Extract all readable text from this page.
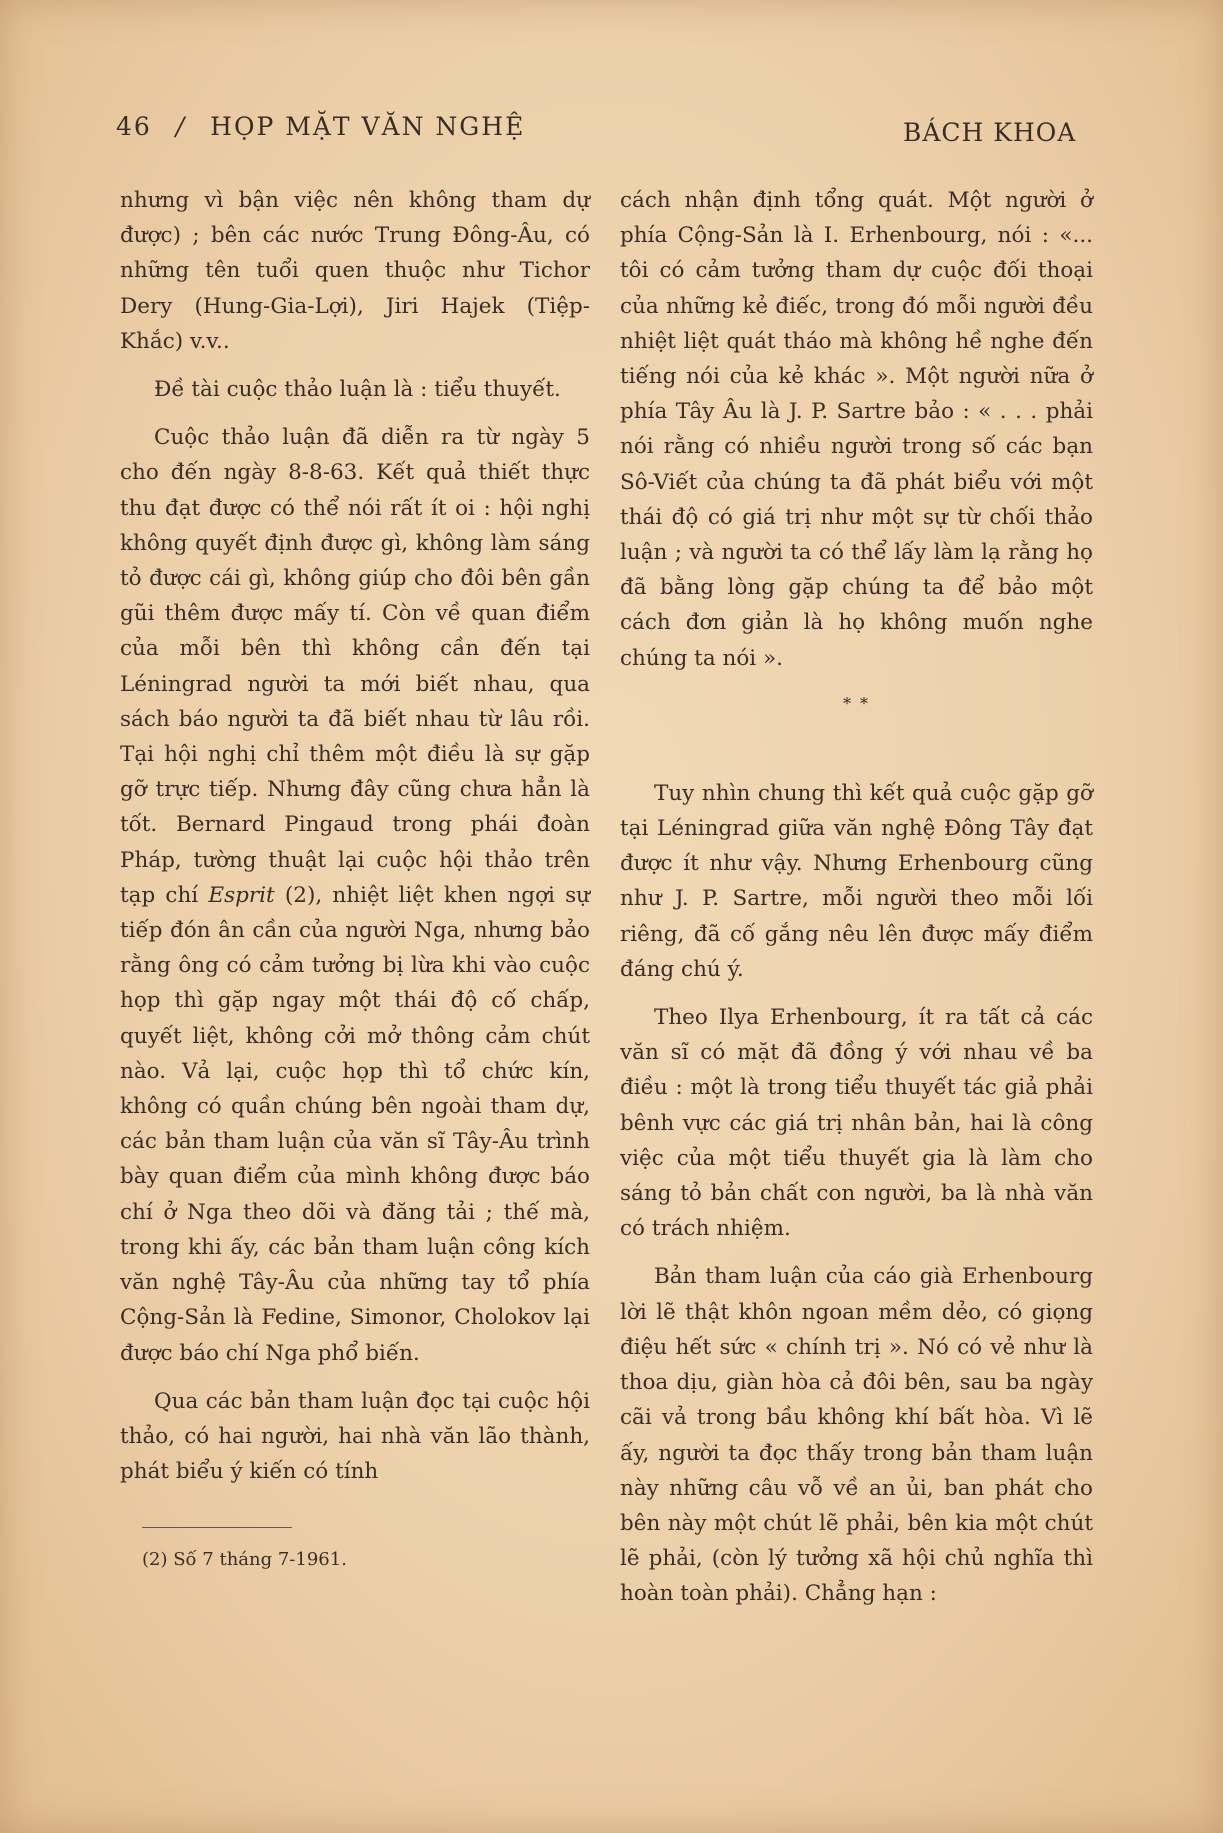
46 / HỌP MẶT VĂN NGHỆ	BÁCH KHOA

nhưng vì bận việc nên không tham dự được) ; bên các nước Trung Đông-Âu, có những tên tuổi quen thuộc như Tichor Dery (Hung-Gia-Lợi), Jiri Hajek (Tiệp-Khắc) v.v..

Đề tài cuộc thảo luận là : tiểu thuyết.

Cuộc thảo luận đã diễn ra từ ngày 5 cho đến ngày 8-8-63. Kết quả thiết thực thu đạt được có thể nói rất ít oi : hội nghị không quyết định được gì, không làm sáng tỏ được cái gì, không giúp cho đôi bên gần gũi thêm được mấy tí. Còn về quan điểm của mỗi bên thì không cần đến tại Léningrad người ta mới biết nhau, qua sách báo người ta đã biết nhau từ lâu rồi. Tại hội nghị chỉ thêm một điều là sự gặp gỡ trực tiếp. Nhưng đây cũng chưa hẳn là tốt. Bernard Pingaud trong phái đoàn Pháp, tường thuật lại cuộc hội thảo trên tạp chí Esprit (2), nhiệt liệt khen ngợi sự tiếp đón ân cần của người Nga, nhưng bảo rằng ông có cảm tưởng bị lừa khi vào cuộc họp thì gặp ngay một thái độ cố chấp, quyết liệt, không cởi mở thông cảm chút nào. Vả lại, cuộc họp thì tổ chức kín, không có quần chúng bên ngoài tham dự, các bản tham luận của văn sĩ Tây-Âu trình bày quan điểm của mình không được báo chí ở Nga theo dõi và đăng tải ; thế mà, trong khi ấy, các bản tham luận công kích văn nghệ Tây-Âu của những tay tổ phía Cộng-Sản là Fedine, Simonor, Cholokov lại được báo chí Nga phổ biến.

Qua các bản tham luận đọc tại cuộc hội thảo, có hai người, hai nhà văn lão thành, phát biểu ý kiến có tính

(2) Số 7 tháng 7-1961.

cách nhận định tổng quát. Một người ở phía Cộng-Sản là I. Erhenbourg, nói : «... tôi có cảm tưởng tham dự cuộc đối thoại của những kẻ điếc, trong đó mỗi người đều nhiệt liệt quát tháo mà không hề nghe đến tiếng nói của kẻ khác ». Một người nữa ở phía Tây Âu là J. P. Sartre bảo : « . . . phải nói rằng có nhiều người trong số các bạn Sô-Viết của chúng ta đã phát biểu với một thái độ có giá trị như một sự từ chối thảo luận ; và người ta có thể lấy làm lạ rằng họ đã bằng lòng gặp chúng ta để bảo một cách đơn giản là họ không muốn nghe chúng ta nói ».

* *

Tuy nhìn chung thì kết quả cuộc gặp gỡ tại Léningrad giữa văn nghệ Đông Tây đạt được ít như vậy. Nhưng Erhenbourg cũng như J. P. Sartre, mỗi người theo mỗi lối riêng, đã cố gắng nêu lên được mấy điểm đáng chú ý.

Theo Ilya Erhenbourg, ít ra tất cả các văn sĩ có mặt đã đồng ý với nhau về ba điều : một là trong tiểu thuyết tác giả phải bênh vực các giá trị nhân bản, hai là công việc của một tiểu thuyết gia là làm cho sáng tỏ bản chất con người, ba là nhà văn có trách nhiệm.

Bản tham luận của cáo già Erhenbourg lời lẽ thật khôn ngoan mềm dẻo, có giọng điệu hết sức « chính trị ». Nó có vẻ như là thoa dịu, giàn hòa cả đôi bên, sau ba ngày cãi vả trong bầu không khí bất hòa. Vì lẽ ấy, người ta đọc thấy trong bản tham luận này những câu vỗ về an ủi, ban phát cho bên này một chút lẽ phải, bên kia một chút lẽ phải, (còn lý tưởng xã hội chủ nghĩa thì hoàn toàn phải). Chẳng hạn :
